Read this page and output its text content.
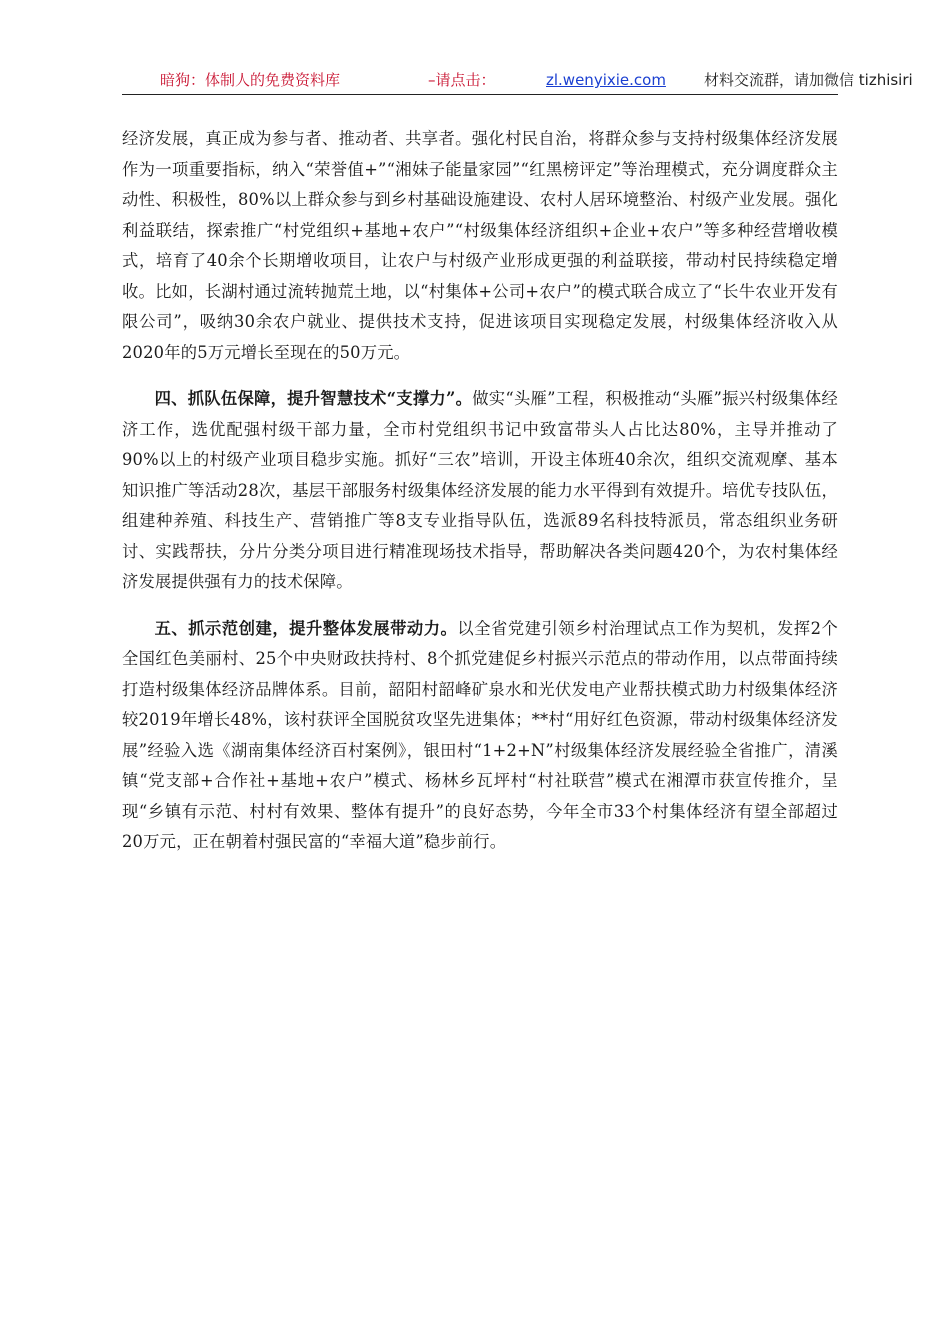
暗狗：体制人的免费资料库	–请点击：	zl.wenyixie.com	材料交流群，请加微信 tizhisiri

经济发展，真正成为参与者、推动者、共享者。强化村民自治，将群众参与支持村级集体经济发展作为一项重要指标，纳入“荣誉值+”“湘妹子能量家园”“红黑榜评定”等治理模式，充分调度群众主动性、积极性，80%以上群众参与到乡村基础设施建设、农村人居环境整治、村级产业发展。强化利益联结，探索推广“村党组织+基地+农户”“村级集体经济组织+企业+农户”等多种经营增收模式，培育了40余个长期增收项目，让农户与村级产业形成更强的利益联接，带动村民持续稳定增收。比如，长湖村通过流转抛荒土地，以“村集体+公司+农户”的模式联合成立了“长牛农业开发有限公司”，吸纳30余农户就业、提供技术支持，促进该项目实现稳定发展，村级集体经济收入从2020年的5万元增长至现在的50万元。

四、抓队伍保障，提升智慧技术“支撑力”。做实“头雁”工程，积极推动“头雁”振兴村级集体经济工作，选优配强村级干部力量，全市村党组织书记中致富带头人占比达80%，主导并推动了90%以上的村级产业项目稳步实施。抓好“三农”培训，开设主体班40余次，组织交流观摩、基本知识推广等活动28次，基层干部服务村级集体经济发展的能力水平得到有效提升。培优专技队伍，组建种养殖、科技生产、营销推广等8支专业指导队伍，选派89名科技特派员，常态组织业务研讨、实践帮扶，分片分类分项目进行精准现场技术指导，帮助解决各类问题420个，为农村集体经济发展提供强有力的技术保障。

五、抓示范创建，提升整体发展带动力。以全省党建引领乡村治理试点工作为契机，发挥2个全国红色美丽村、25个中央财政扶持村、8个抓党建促乡村振兴示范点的带动作用，以点带面持续打造村级集体经济品牌体系。目前，韶阳村韶峰矿泉水和光伏发电产业帮扶模式助力村级集体经济较2019年增长48%，该村获评全国脱贫攻坚先进集体；**村“用好红色资源，带动村级集体经济发展”经验入选《湖南集体经济百村案例》，银田村“1+2+N”村级集体经济发展经验全省推广，清溪镇“党支部+合作社+基地+农户”模式、杨林乡瓦坪村“村社联营”模式在湘潭市获宣传推介，呈现“乡镇有示范、村村有效果、整体有提升”的良好态势，今年全市33个村集体经济有望全部超过20万元，正在朝着村强民富的“幸福大道”稳步前行。
